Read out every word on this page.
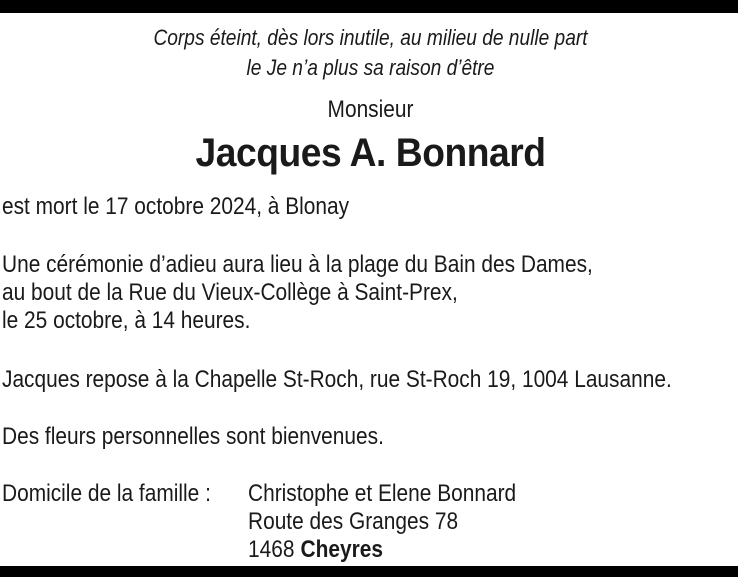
Corps éteint, dès lors inutile, au milieu de nulle part
le Je n’a plus sa raison d’être
Monsieur
Jacques A. Bonnard
est mort le 17 octobre 2024, à Blonay
Une cérémonie d’adieu aura lieu à la plage du Bain des Dames,
au bout de la Rue du Vieux-Collège à Saint-Prex,
le 25 octobre, à 14 heures.
Jacques repose à la Chapelle St-Roch, rue St-Roch 19, 1004 Lausanne.
Des fleurs personnelles sont bienvenues.
Domicile de la famille : Christophe et Elene Bonnard
Route des Granges 78
1468 Cheyres
